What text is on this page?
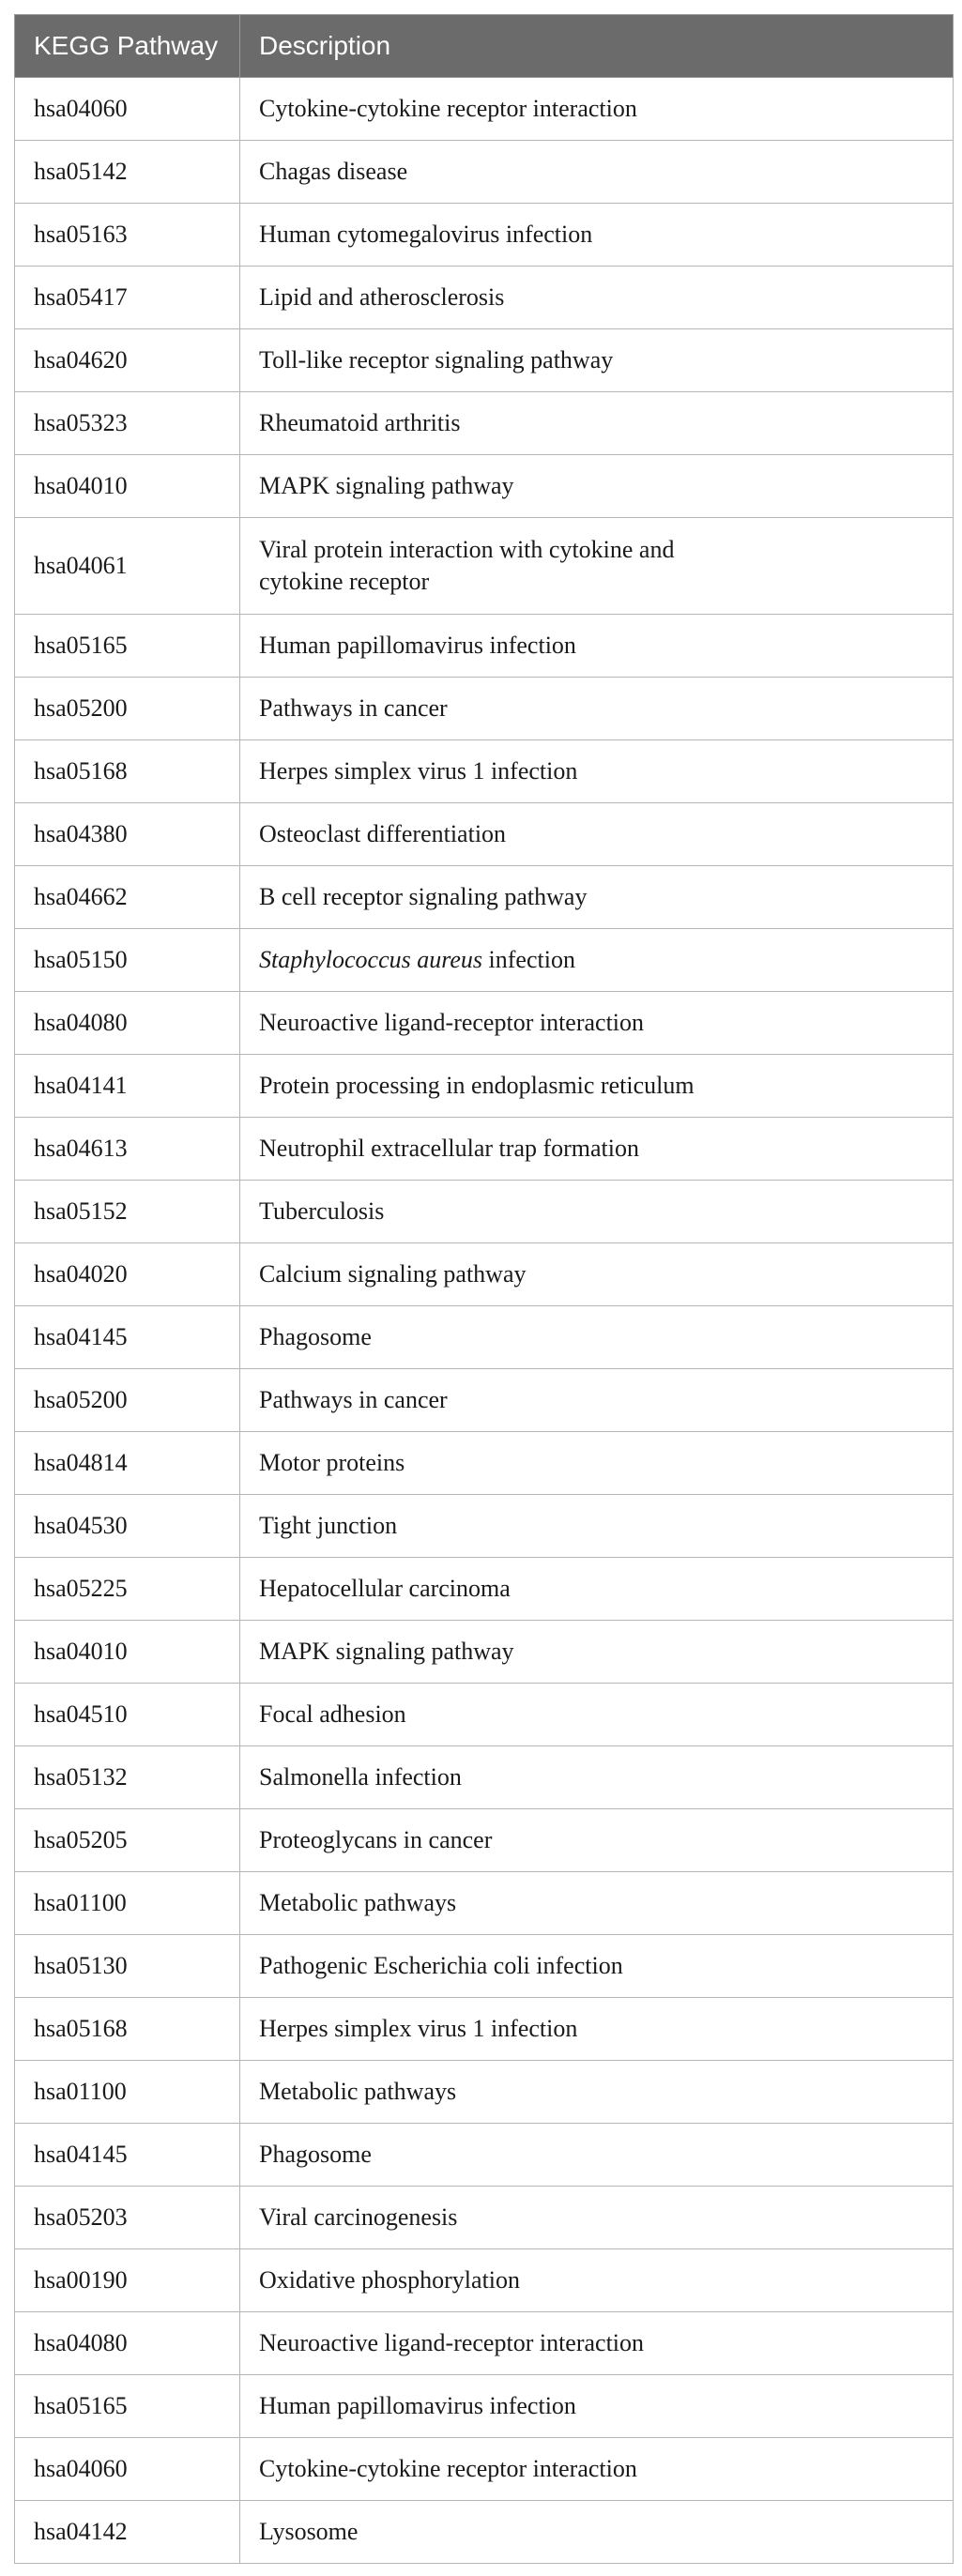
KEGG Pathway	Description
hsa04060	Cytokine-cytokine receptor interaction
hsa05142	Chagas disease
hsa05163	Human cytomegalovirus infection
hsa05417	Lipid and atherosclerosis
hsa04620	Toll-like receptor signaling pathway
hsa05323	Rheumatoid arthritis
hsa04010	MAPK signaling pathway
hsa04061	Viral protein interaction with cytokine and
cytokine receptor
hsa05165	Human papillomavirus infection
hsa05200	Pathways in cancer
hsa05168	Herpes simplex virus 1 infection
hsa04380	Osteoclast differentiation
hsa04662	B cell receptor signaling pathway
hsa05150	Staphylococcus aureus infection
hsa04080	Neuroactive ligand-receptor interaction
hsa04141	Protein processing in endoplasmic reticulum
hsa04613	Neutrophil extracellular trap formation
hsa05152	Tuberculosis
hsa04020	Calcium signaling pathway
hsa04145	Phagosome
hsa05200	Pathways in cancer
hsa04814	Motor proteins
hsa04530	Tight junction
hsa05225	Hepatocellular carcinoma
hsa04010	MAPK signaling pathway
hsa04510	Focal adhesion
hsa05132	Salmonella infection
hsa05205	Proteoglycans in cancer
hsa01100	Metabolic pathways
hsa05130	Pathogenic Escherichia coli infection
hsa05168	Herpes simplex virus 1 infection
hsa01100	Metabolic pathways
hsa04145	Phagosome
hsa05203	Viral carcinogenesis
hsa00190	Oxidative phosphorylation
hsa04080	Neuroactive ligand-receptor interaction
hsa05165	Human papillomavirus infection
hsa04060	Cytokine-cytokine receptor interaction
hsa04142	Lysosome
